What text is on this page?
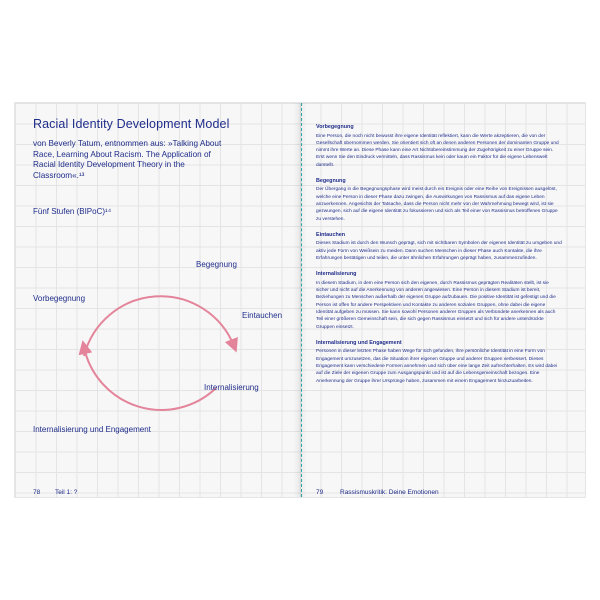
Racial Identity Development Model
von Beverly Tatum, entnommen aus: »Talking About Race, Learning About Racism. The Application of Racial Identity Development Theory in the Classroom«.¹³
Fünf Stufen (BIPoC)¹⁴
Begegnung
Eintauchen
Internalisierung
Internalisierung und Engagement
Vorbegegnung
78 Teil 1: ?
Vorbegegnung

Eine Person, die noch nicht bewusst ihre eigene Identität reflektiert, kann die Werte akzeptieren, die von der Gesellschaft übernommen werden. Sie orientiert sich oft an denen anderen Personen der dominanten Gruppe und nimmt ihre Werte an. Diese Phase kann eine Art Nichtübereinstimmung der Zugehörigkeit zu einer Gruppe sein. Erst wenn Sie den Eindruck vermitteln, dass Rassismus kein oder kaum ein Faktor für die eigene Lebenswelt darstellt.

Begegnung

Der Übergang in die Begegnungsphase wird meist durch ein Ereignis oder eine Reihe von Ereignissen ausgelöst, welche eine Person in dieser Phase dazu zwingen, die Auswirkungen von Rassismus auf das eigene Leben anzuerkennen. Angesichts der Tatsache, dass die Person nicht mehr von der Wahrnehmung bewegt wird, ist sie gezwungen, sich auf die eigene Identität zu fokussieren und sich als Teil einer von Rassismus betroffenen Gruppe zu verstehen.

Eintauchen

Dieses Stadium ist durch den Wunsch geprägt, sich mit sichtbaren Symbolen der eigenen Identität zu umgeben und aktiv jede Form von Weißsein zu meiden. Dann suchen Menschen in dieser Phase auch Kontakte, die ihre Erfahrungen bestätigen und teilen, die unter ähnlichen Erfahrungen geprägt haben, zusammenzufinden.

Internalisierung

In diesem Stadium, in dem eine Person sich den eigenen, durch Rassismus geprägten Realitäten stellt, ist sie sicher und nicht auf die Anerkennung von anderen angewiesen. Eine Person in diesem Stadium ist bereit, Beziehungen zu Menschen außerhalb der eigenen Gruppe aufzubauen. Die positive Identität ist gefestigt und die Person ist offen für andere Perspektiven und Kontakte zu anderen sozialen Gruppen, ohne dabei die eigene Identität aufgeben zu müssen. Sie kann sowohl Personen anderer Gruppen als Verbündete anerkennen als auch Teil einer größeren Gemeinschaft sein, die sich gegen Rassismus einsetzt und sich für andere unterdrückte Gruppen einsetzt.

Internalisierung und Engagement

Personen in dieser letzten Phase haben Wege für sich gefunden, ihre persönliche Identität in eine Form von Engagement umzusetzen, das die Situation ihrer eigenen Gruppe und anderer Gruppen verbessert. Dieses Engagement kann verschiedene Formen annehmen und sich über eine lange Zeit aufrechterhalten. Es wird dabei auf die Ziele der eigenen Gruppe zum Ausgangspunkt und ist auf die Lebensgemeinschaft bezogen. Eine Anerkennung der Gruppe ihrer Ursprünge haben, zusammen mit einem Engagement hinzuzuarbeiten.

79	Rassismuskritik: Deine Emotionen
